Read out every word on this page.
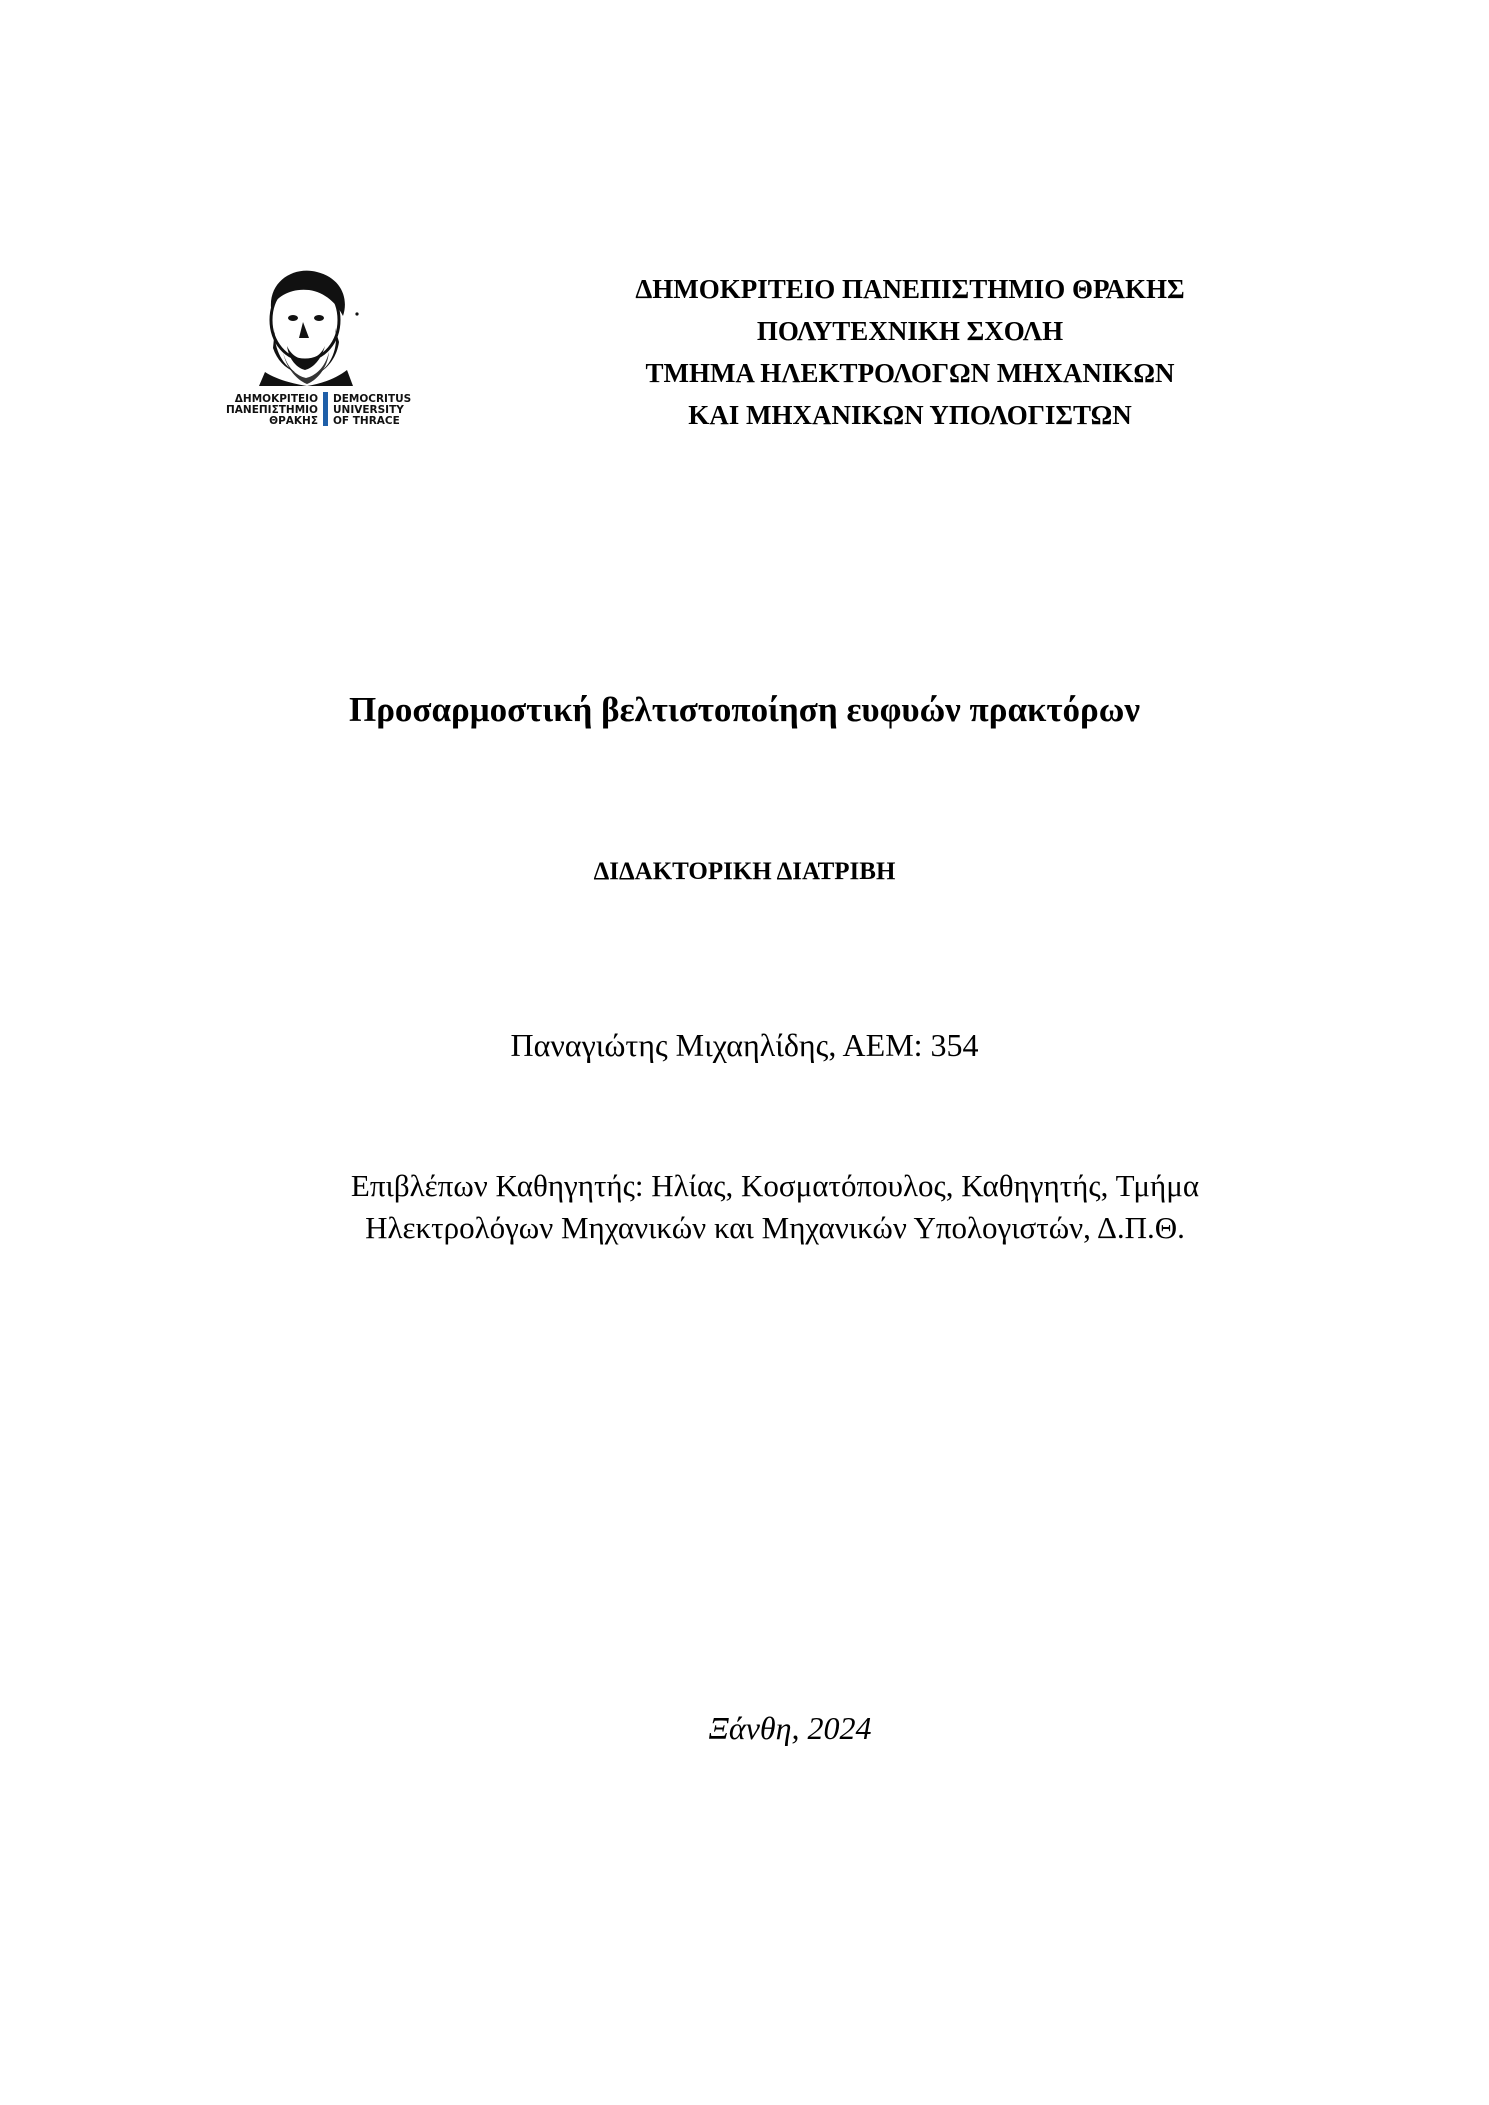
ΔΗΜΟΚΡΙΤΕΙΟ
ΠΑΝΕΠΙΣΤΗΜΙΟ
ΘΡΑΚΗΣ
DEMOCRITUS
UNIVERSITY
OF THRACE
ΔΗΜΟΚΡΙΤΕΙΟ ΠΑΝΕΠΙΣΤΗΜΙΟ ΘΡΑΚΗΣ
ΠΟΛΥΤΕΧΝΙΚΗ ΣΧΟΛΗ
ΤΜΗΜΑ ΗΛΕΚΤΡΟΛΟΓΩΝ ΜΗΧΑΝΙΚΩΝ
ΚΑΙ ΜΗΧΑΝΙΚΩΝ ΥΠΟΛΟΓΙΣΤΩΝ
Προσαρμοστική βελτιστοποίηση ευφυών πρακτόρων
ΔΙΔΑΚΤΟΡΙΚΗ ΔΙΑΤΡΙΒΗ
Παναγιώτης Μιχαηλίδης, ΑΕΜ: 354
Επιβλέπων Καθηγητής: Ηλίας, Κοσματόπουλος, Καθηγητής, Τμήμα
Ηλεκτρολόγων Μηχανικών και Μηχανικών Υπολογιστών, Δ.Π.Θ.
Ξάνθη, 2024
